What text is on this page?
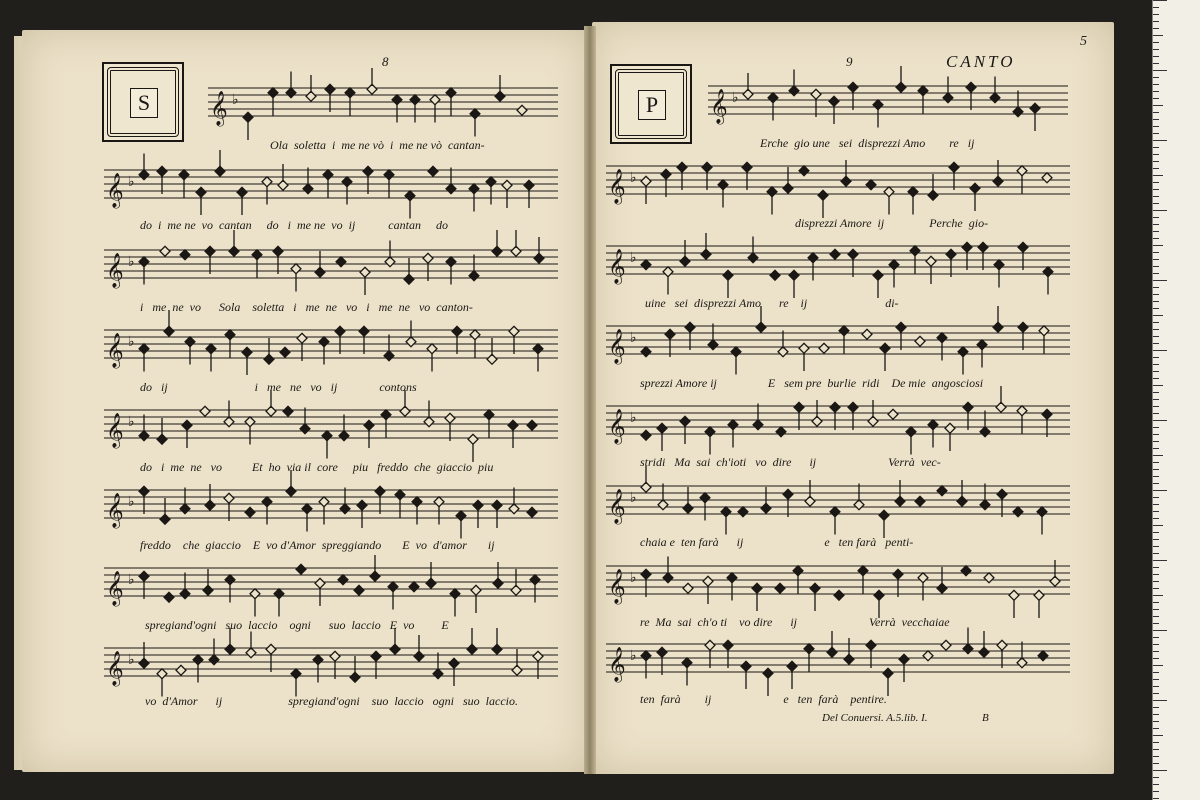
8
S 𝄞 ♭
𝄞 ♭
𝄞 ♭
𝄞 ♭
𝄞 ♭
𝄞 ♭
𝄞 ♭
𝄞 ♭
Ola  soletta  i  me ne vò  i  me ne vò  cantan-
do  i  me ne  vo  cantan     do   i  me ne  vo  ij           cantan     do
i   me  ne  vo      Sola    soletta   i   me  ne   vo   i   me  ne   vo  canton-
do   ij                             i   me   ne   vo   ij              contons
do   i  me  ne   vo          Et  ho  via il  core     piu   freddo  che  giaccio  piu
freddo    che  giaccio    E  vo d'Amor  spreggiando       E  vo  d'amor       ij
spregiand'ogni   suo  laccio    ogni      suo  laccio   E  vo         E
vo  d'Amor      ij                      spregiand'ogni    suo  laccio   ogni   suo  laccio.
9	CANTO
5
P 𝄞 ♭
𝄞 ♭
𝄞 ♭
𝄞 ♭
𝄞 ♭
𝄞 ♭
𝄞 ♭
𝄞 ♭
Erche  gio une   sei  disprezzi Amo        re   ij
disprezzi Amore  ij               Perche  gio-
uine   sei  disprezzi Amo      re    ij                          di-
sprezzi Amore ij                 E   sem pre  burlie  ridi    De mie  angosciosi
stridi   Ma  sai  ch'ioti   vo  dire      ij                        Verrà  vec-
chaia e  ten farà      ij                           e   ten farà   penti-
re  Ma  sai  ch'o ti    vo dire      ij                        Verrà  vecchaiae
ten  farà        ij                        e   ten  farà    pentire.
Del Conuersi. A.5.lib. I.	B
